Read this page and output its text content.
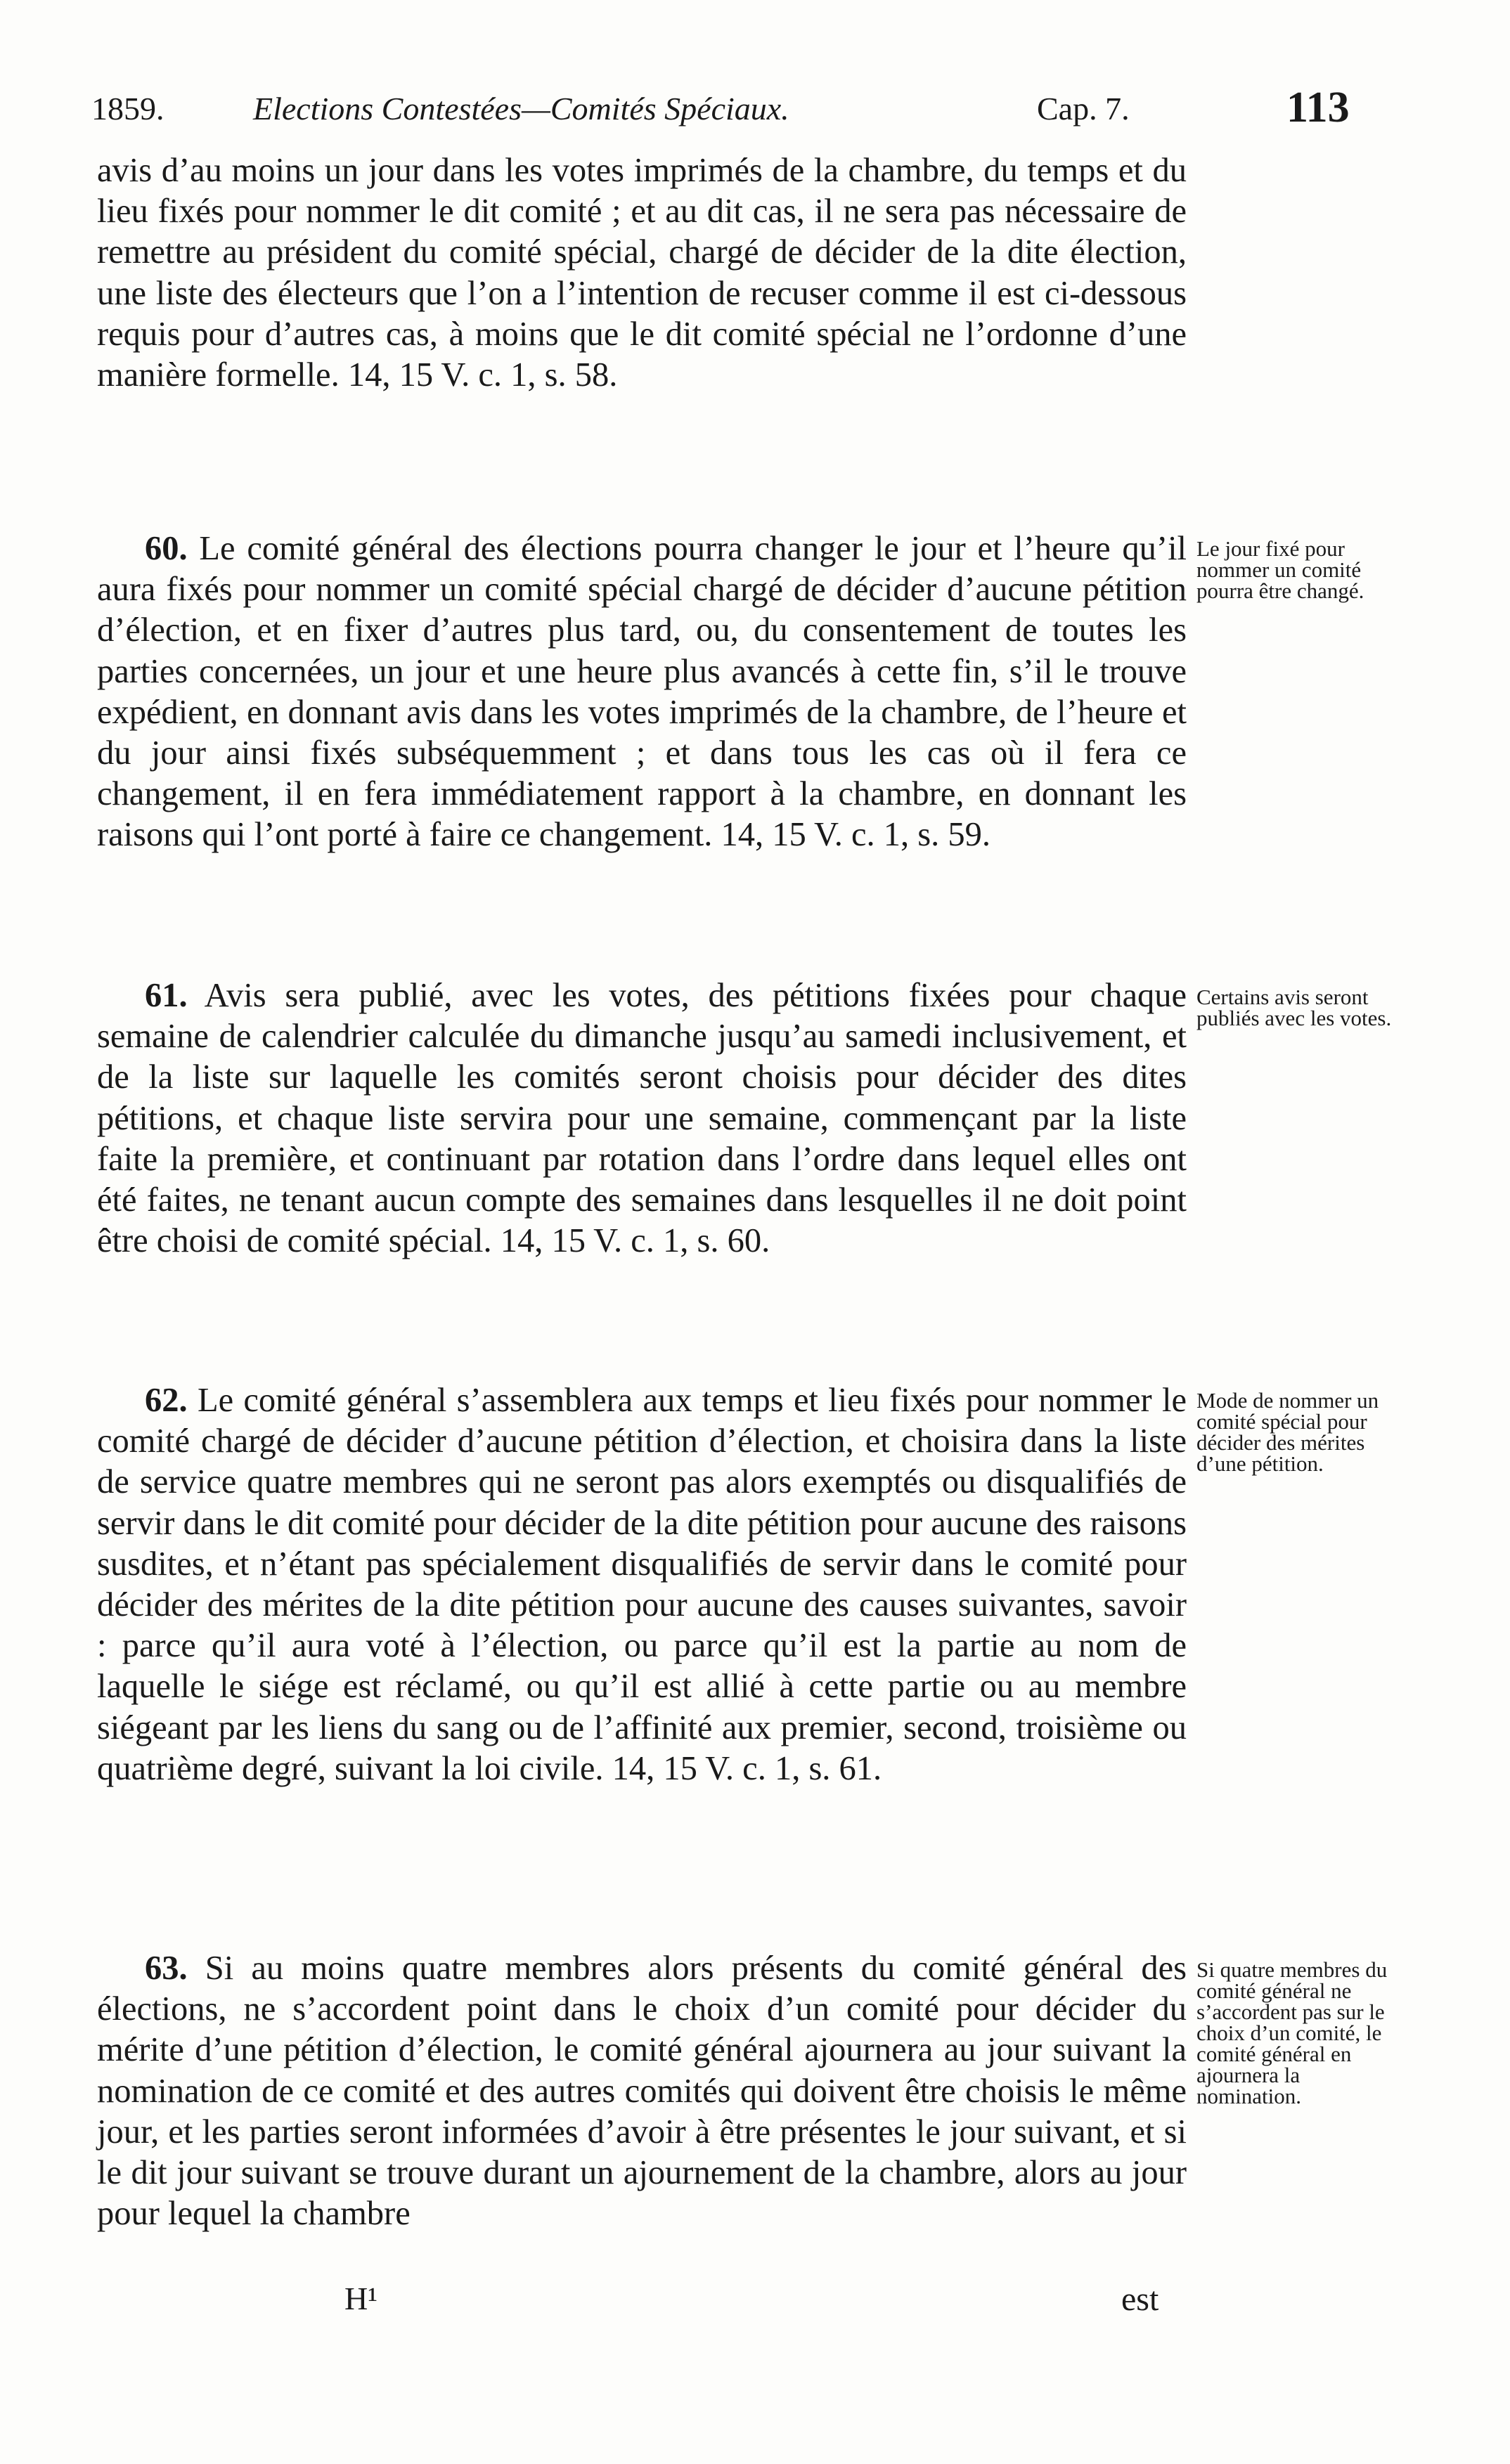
1859.	Elections Contestées—Comités Spéciaux.	Cap. 7.	113

avis d’au moins un jour dans les votes imprimés de la chambre, du temps et du lieu fixés pour nommer le dit comité ; et au dit cas, il ne sera pas nécessaire de remettre au président du comité spécial, chargé de décider de la dite élection, une liste des électeurs que l’on a l’intention de recuser comme il est ci-dessous requis pour d’autres cas, à moins que le dit comité spécial ne l’ordonne d’une manière formelle. 14, 15 V. c. 1, s. 58.

60. Le comité général des élections pourra changer le jour et l’heure qu’il aura fixés pour nommer un comité spécial chargé de décider d’aucune pétition d’élection, et en fixer d’autres plus tard, ou, du consentement de toutes les parties concernées, un jour et une heure plus avancés à cette fin, s’il le trouve expédient, en donnant avis dans les votes imprimés de la chambre, de l’heure et du jour ainsi fixés subséquemment ; et dans tous les cas où il fera ce changement, il en fera immédiatement rapport à la chambre, en donnant les raisons qui l’ont porté à faire ce changement. 14, 15 V. c. 1, s. 59.

Le jour fixé pour nommer un comité pourra être changé.

61. Avis sera publié, avec les votes, des pétitions fixées pour chaque semaine de calendrier calculée du dimanche jusqu’au samedi inclusivement, et de la liste sur laquelle les comités seront choisis pour décider des dites pétitions, et chaque liste servira pour une semaine, commençant par la liste faite la première, et continuant par rotation dans l’ordre dans lequel elles ont été faites, ne tenant aucun compte des semaines dans lesquelles il ne doit point être choisi de comité spécial. 14, 15 V. c. 1, s. 60.

Certains avis seront publiés avec les votes.

62. Le comité général s’assemblera aux temps et lieu fixés pour nommer le comité chargé de décider d’aucune pétition d’élection, et choisira dans la liste de service quatre membres qui ne seront pas alors exemptés ou disqualifiés de servir dans le dit comité pour décider de la dite pétition pour aucune des raisons susdites, et n’étant pas spécialement disqualifiés de servir dans le comité pour décider des mérites de la dite pétition pour aucune des causes suivantes, savoir : parce qu’il aura voté à l’élection, ou parce qu’il est la partie au nom de laquelle le siége est réclamé, ou qu’il est allié à cette partie ou au membre siégeant par les liens du sang ou de l’affinité aux premier, second, troisième ou quatrième degré, suivant la loi civile. 14, 15 V. c. 1, s. 61.

Mode de nommer un comité spécial pour décider des mérites d’une pétition.

63. Si au moins quatre membres alors présents du comité général des élections, ne s’accordent point dans le choix d’un comité pour décider du mérite d’une pétition d’élection, le comité général ajournera au jour suivant la nomination de ce comité et des autres comités qui doivent être choisis le même jour, et les parties seront informées d’avoir à être présentes le jour suivant, et si le dit jour suivant se trouve durant un ajournement de la chambre, alors au jour pour lequel la chambre

Si quatre membres du comité général ne s’accordent pas sur le choix d’un comité, le comité général en ajournera la nomination.
H¹	est
